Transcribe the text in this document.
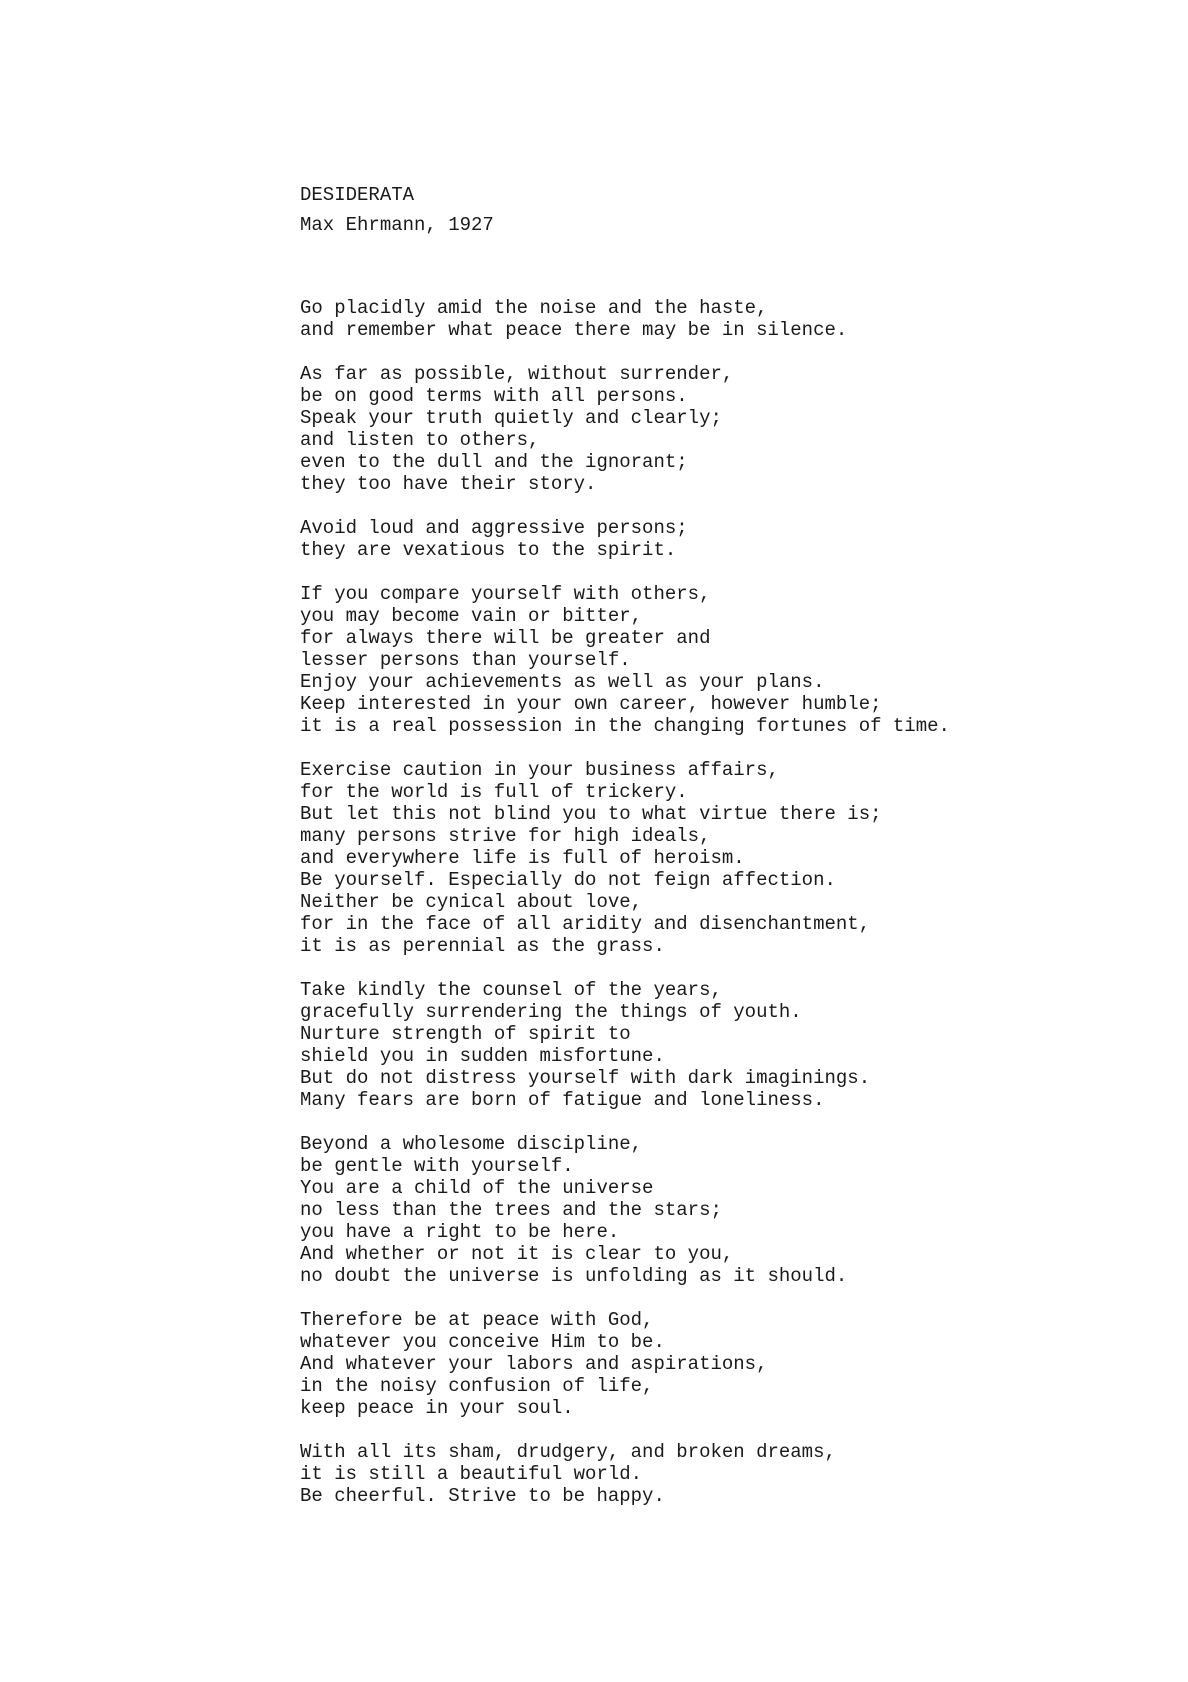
DESIDERATA
Max Ehrmann, 1927
Go placidly amid the noise and the haste,
and remember what peace there may be in silence.
As far as possible, without surrender,
be on good terms with all persons.
Speak your truth quietly and clearly;
and listen to others,
even to the dull and the ignorant;
they too have their story.
Avoid loud and aggressive persons;
they are vexatious to the spirit.
If you compare yourself with others,
you may become vain or bitter,
for always there will be greater and
lesser persons than yourself.
Enjoy your achievements as well as your plans.
Keep interested in your own career, however humble;
it is a real possession in the changing fortunes of time.
Exercise caution in your business affairs,
for the world is full of trickery.
But let this not blind you to what virtue there is;
many persons strive for high ideals,
and everywhere life is full of heroism.
Be yourself. Especially do not feign affection.
Neither be cynical about love,
for in the face of all aridity and disenchantment,
it is as perennial as the grass.
Take kindly the counsel of the years,
gracefully surrendering the things of youth.
Nurture strength of spirit to
shield you in sudden misfortune.
But do not distress yourself with dark imaginings.
Many fears are born of fatigue and loneliness.
Beyond a wholesome discipline,
be gentle with yourself.
You are a child of the universe
no less than the trees and the stars;
you have a right to be here.
And whether or not it is clear to you,
no doubt the universe is unfolding as it should.
Therefore be at peace with God,
whatever you conceive Him to be.
And whatever your labors and aspirations,
in the noisy confusion of life,
keep peace in your soul.
With all its sham, drudgery, and broken dreams,
it is still a beautiful world.
Be cheerful. Strive to be happy.
